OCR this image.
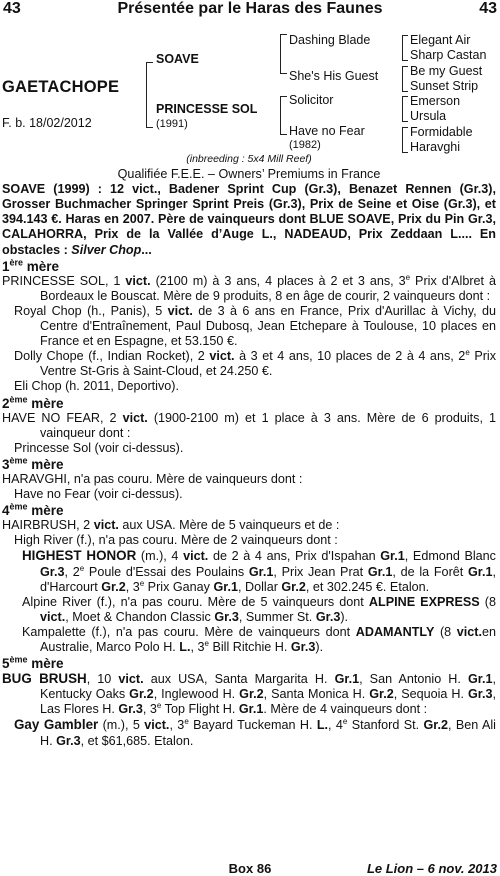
43	Présentée par le Haras des Faunes	43
GAETACHOPE
F. b. 18/02/2012
SOAVE
PRINCESSE SOL
(1991)
Dashing Blade
She's His Guest
Solicitor
Have no Fear
(1982)
Elegant Air
Sharp Castan
Be my Guest
Sunset Strip
Emerson
Ursula
Formidable
Haravghi
(inbreeding : 5x4 Mill Reef)
Qualifiée F.E.E. – Owners’ Premiums in France
SOAVE (1999) : 12 vict., Badener Sprint Cup (Gr.3), Benazet Rennen (Gr.3), Grosser Buchmacher Springer Sprint Preis (Gr.3), Prix de Seine et Oise (Gr.3), et 394.143 €. Haras en 2007. Père de vainqueurs dont BLUE SOAVE, Prix du Pin Gr.3, CALAHORRA, Prix de la Vallée d’Auge L., NADEAUD, Prix Zeddaan L.... En obstacles : Silver Chop...
1ère mère
PRINCESSE SOL, 1 vict. (2100 m) à 3 ans, 4 places à 2 et 3 ans, 3e Prix d'Albret à Bordeaux le Bouscat. Mère de 9 produits, 8 en âge de courir, 2 vainqueurs dont :
Royal Chop (h., Panis), 5 vict. de 3 à 6 ans en France, Prix d'Aurillac à Vichy, du Centre d'Entraînement, Paul Dubosq, Jean Etchepare à Toulouse, 10 places en France et en Espagne, et 53.150 €.
Dolly Chope (f., Indian Rocket), 2 vict. à 3 et 4 ans, 10 places de 2 à 4 ans, 2e Prix Ventre St-Gris à Saint-Cloud, et 24.250 €.
Eli Chop (h. 2011, Deportivo).
2ème mère
HAVE NO FEAR, 2 vict. (1900-2100 m) et 1 place à 3 ans. Mère de 6 produits, 1 vainqueur dont :
Princesse Sol (voir ci-dessus).
3ème mère
HARAVGHI, n'a pas couru. Mère de vainqueurs dont :
Have no Fear (voir ci-dessus).
4ème mère
HAIRBRUSH, 2 vict. aux USA. Mère de 5 vainqueurs et de :
High River (f.), n'a pas couru. Mère de 2 vainqueurs dont :
HIGHEST HONOR (m.), 4 vict. de 2 à 4 ans, Prix d'Ispahan Gr.1, Edmond Blanc Gr.3, 2e Poule d'Essai des Poulains Gr.1, Prix Jean Prat Gr.1, de la Forêt Gr.1, d'Harcourt Gr.2, 3e Prix Ganay Gr.1, Dollar Gr.2, et 302.245 €. Etalon.
Alpine River (f.), n'a pas couru. Mère de 5 vainqueurs dont ALPINE EXPRESS (8 vict., Moet & Chandon Classic Gr.3, Summer St. Gr.3).
Kampalette (f.), n'a pas couru. Mère de vainqueurs dont ADAMANTLY (8 vict.en Australie, Marco Polo H. L., 3e Bill Ritchie H. Gr.3).
5ème mère
BUG BRUSH, 10 vict. aux USA, Santa Margarita H. Gr.1, San Antonio H. Gr.1, Kentucky Oaks Gr.2, Inglewood H. Gr.2, Santa Monica H. Gr.2, Sequoia H. Gr.3, Las Flores H. Gr.3, 3e Top Flight H. Gr.1. Mère de 4 vainqueurs dont :
Gay Gambler (m.), 5 vict., 3e Bayard Tuckeman H. L., 4e Stanford St. Gr.2, Ben Ali H. Gr.3, et $61,685. Etalon.
Box 86	Le Lion – 6 nov. 2013
